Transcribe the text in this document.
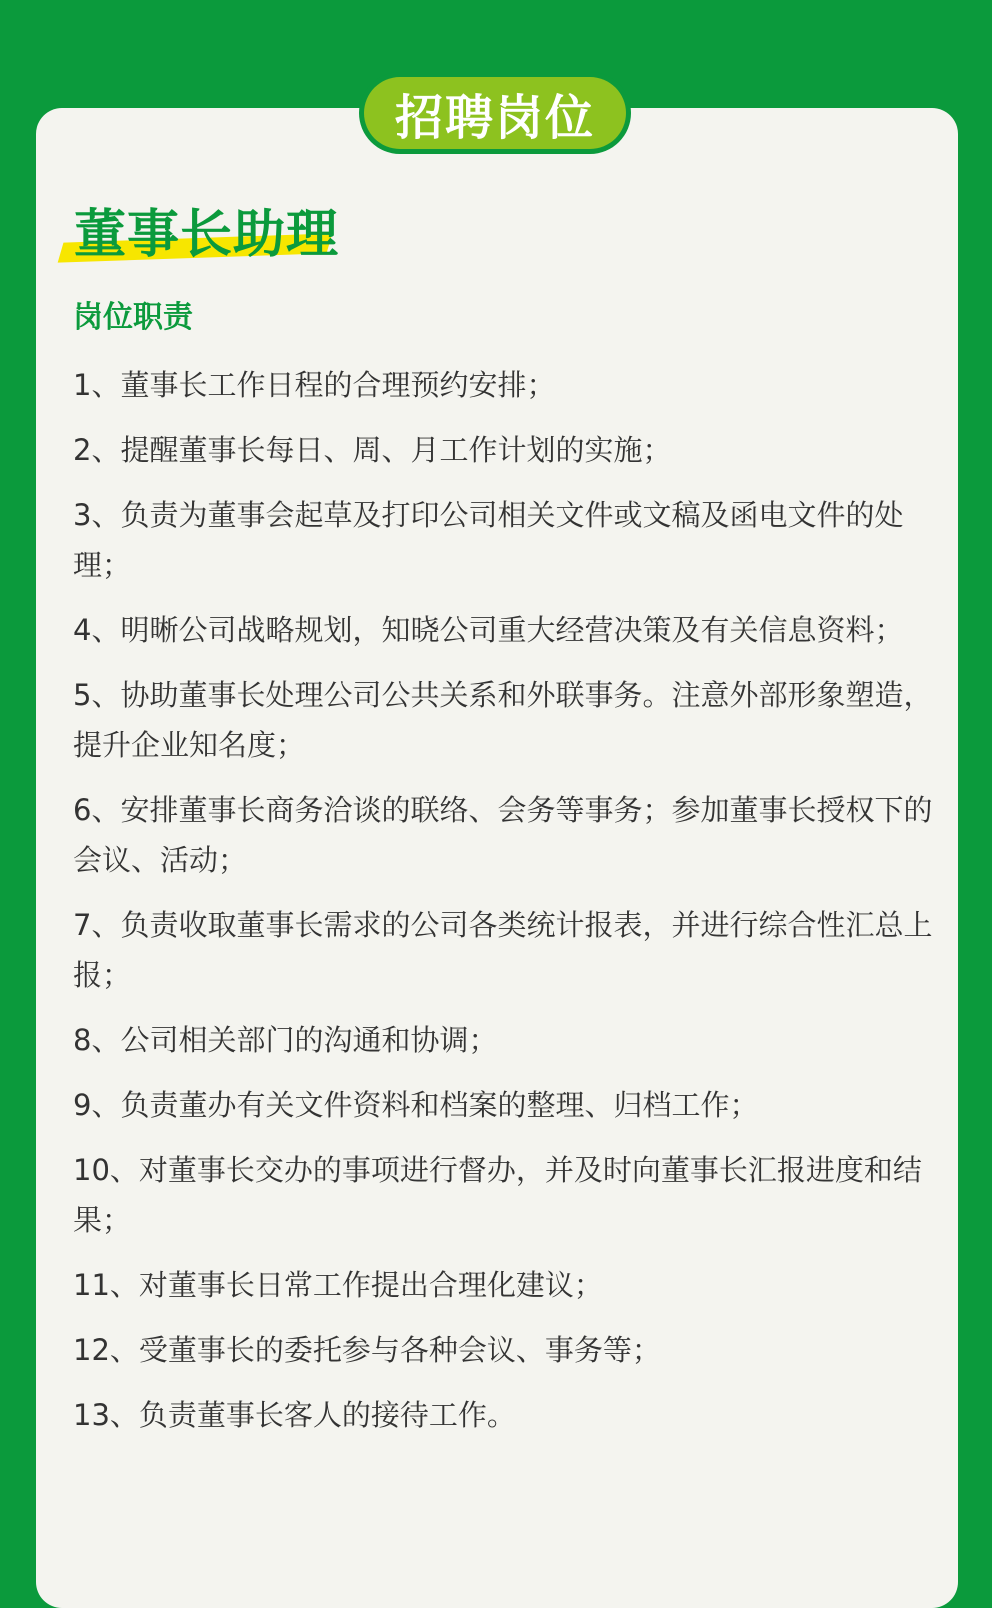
招聘岗位
董事长助理
岗位职责
1、董事长工作日程的合理预约安排；
2、提醒董事长每日、周、月工作计划的实施；
3、负责为董事会起草及打印公司相关文件或文稿及函电文件的处理；
4、明晰公司战略规划，知晓公司重大经营决策及有关信息资料；
5、协助董事长处理公司公共关系和外联事务。注意外部形象塑造，提升企业知名度；
6、安排董事长商务洽谈的联络、会务等事务；参加董事长授权下的会议、活动；
7、负责收取董事长需求的公司各类统计报表，并进行综合性汇总上报；
8、公司相关部门的沟通和协调；
9、负责董办有关文件资料和档案的整理、归档工作；
10、对董事长交办的事项进行督办，并及时向董事长汇报进度和结果；
11、对董事长日常工作提出合理化建议；
12、受董事长的委托参与各种会议、事务等；
13、负责董事长客人的接待工作。
